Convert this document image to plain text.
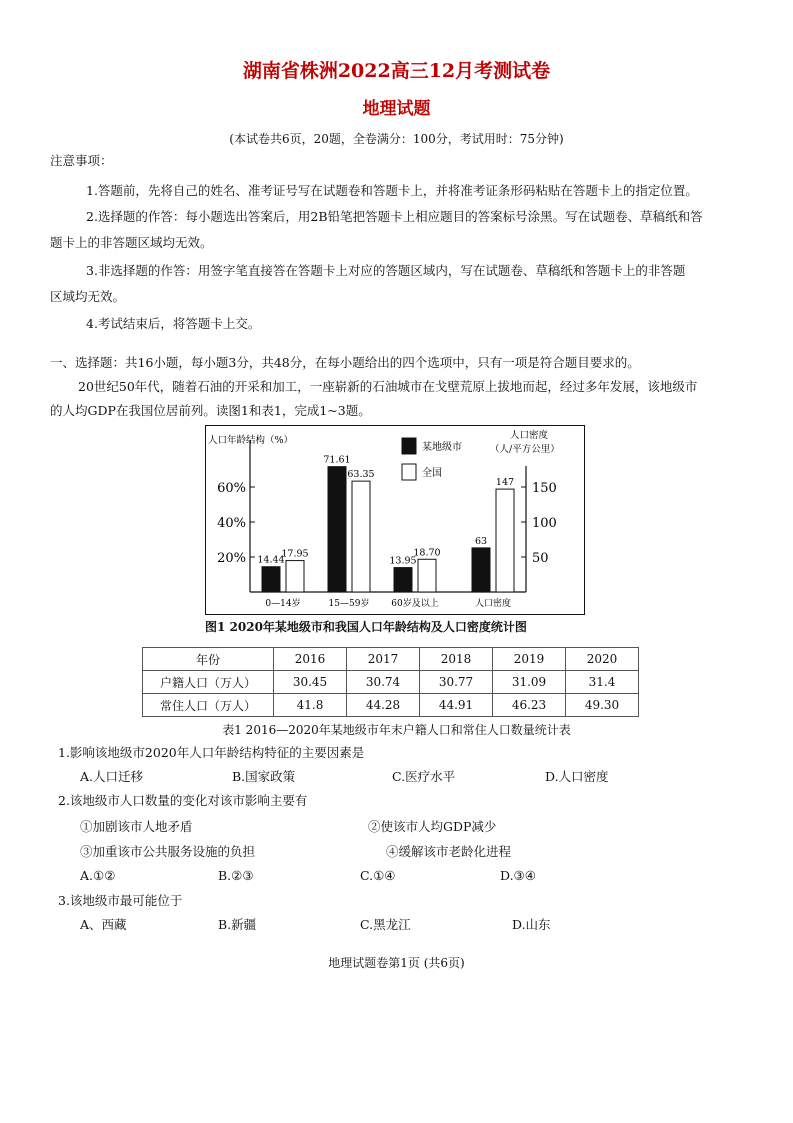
湖南省株洲2022高三12月考测试卷
地理试题
(本试卷共6页，20题，全卷满分：100分，考试用时：75分钟)
注意事项：
1.答题前，先将自己的姓名、准考证号写在试题卷和答题卡上，并将准考证条形码粘贴在答题卡上的指定位置。
2.选择题的作答：每小题选出答案后，用2B铅笔把答题卡上相应题目的答案标号涂黑。写在试题卷、草稿纸和答
题卡上的非答题区域均无效。
3.非选择题的作答：用签字笔直接答在答题卡上对应的答题区域内，写在试题卷、草稿纸和答题卡上的非答题
区域均无效。
4.考试结束后，将答题卡上交。
一、选择题：共16小题，每小题3分，共48分，在每小题给出的四个选项中，只有一项是符合题目要求的。
20世纪50年代，随着石油的开采和加工，一座崭新的石油城市在戈壁荒原上拔地而起，经过多年发展，该地级市
的人均GDP在我国位居前列。读图1和表1，完成1~3题。
人口年龄结构（%）	人口密度
（人/平方公里）
20%
40%
60%
50
100
150
14.44
17.95
0—14岁
71.61
63.35
15—59岁
13.95
18.70
60岁及以上
63
147
人口密度
某地级市
全国
图1 2020年某地级市和我国人口年龄结构及人口密度统计图
年份	2016	2017	2018	2019	2020
户籍人口（万人）	30.45	30.74	30.77	31.09	31.4
常住人口（万人）	41.8	44.28	44.91	46.23	49.30
表1 2016—2020年某地级市年末户籍人口和常住人口数量统计表
1.影响该地级市2020年人口年龄结构特征的主要因素是
A.人口迁移	B.国家政策	C.医疗水平	D.人口密度
2.该地级市人口数量的变化对该市影响主要有
①加剧该市人地矛盾	②使该市人均GDP减少
③加重该市公共服务设施的负担	④缓解该市老龄化进程
A.①②	B.②③	C.①④	D.③④
3.该地级市最可能位于
A、西藏	B.新疆	C.黑龙江	D.山东
地理试题卷第1页 (共6页)
